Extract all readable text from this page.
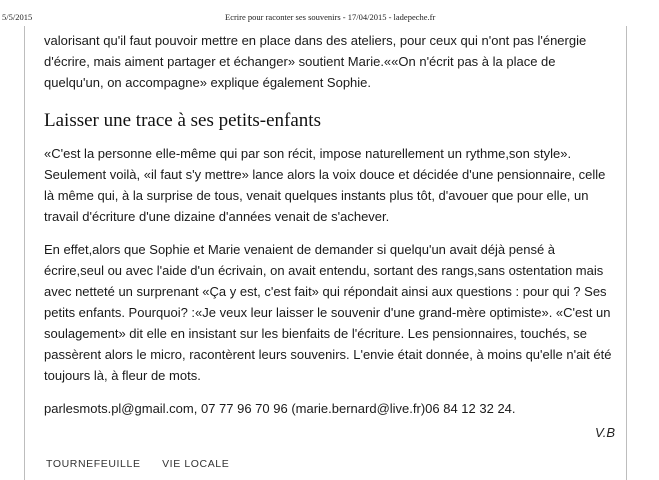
5/5/2015	Ecrire pour raconter ses souvenirs - 17/04/2015 - ladepeche.fr

valorisant qu'il faut pouvoir mettre en place dans des ateliers, pour ceux qui n'ont pas l'énergie d'écrire, mais aiment partager et échanger» soutient Marie.««On n'écrit pas à la place de quelqu'un, on accompagne» explique également Sophie.

Laisser une trace à ses petits-enfants

«C'est la personne elle-même qui par son récit, impose naturellement un rythme,son style». Seulement voilà, «il faut s'y mettre» lance alors la voix douce et décidée d'une pensionnaire, celle là même qui, à la surprise de tous, venait quelques instants plus tôt, d'avouer que pour elle, un travail d'écriture d'une dizaine d'années venait de s'achever.

En effet,alors que Sophie et Marie venaient de demander si quelqu'un avait déjà pensé à écrire,seul ou avec l'aide d'un écrivain, on avait entendu, sortant des rangs,sans ostentation mais avec netteté un surprenant «Ça y est, c'est fait» qui répondait ainsi aux questions : pour qui ? Ses petits enfants. Pourquoi? :«Je veux leur laisser le souvenir d'une grand-mère optimiste». «C'est un soulagement» dit elle en insistant sur les bienfaits de l'écriture. Les pensionnaires, touchés, se passèrent alors le micro, racontèrent leurs souvenirs. L'envie était donnée, à moins qu'elle n'ait été toujours là, à fleur de mots.

parlesmots.pl@gmail.com, 07 77 96 70 96 (marie.bernard@live.fr)06 84 12 32 24.

V.B
TOURNEFEUILLE VIE LOCALE
